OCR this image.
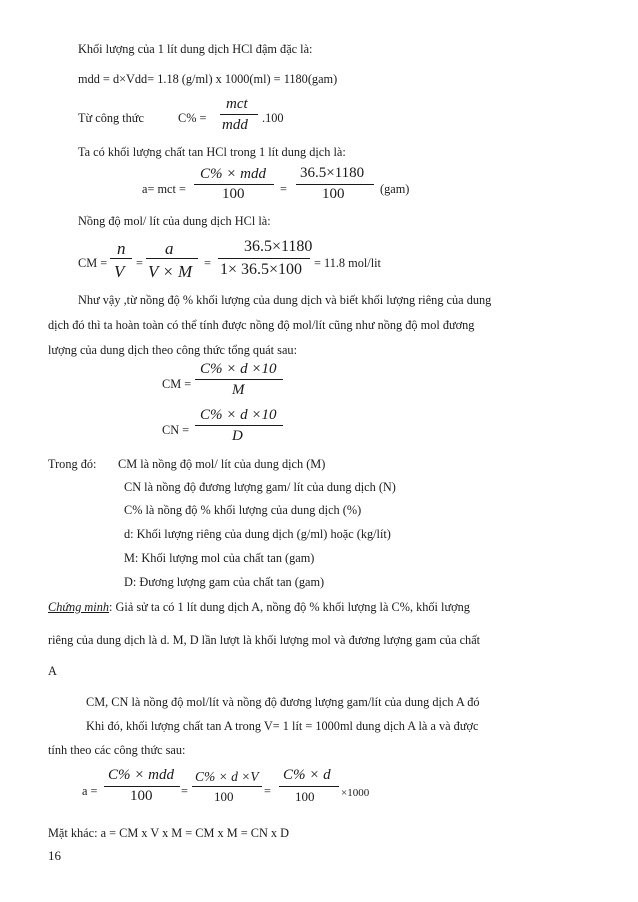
Khối lượng của 1 lít dung dịch HCl đậm đặc là:
mdd = d×Vdd= 1.18 (g/ml) x 1000(ml) = 1180(gam)
Từ công thức	C% =
mct
mdd .100
Ta có khối lượng chất tan HCl trong 1 lít dung dịch là:
a= mct =
C% × mdd
100	=
36.5×1180
100	(gam)
Nồng độ mol/ lít của dung dịch HCl là:
CM =
n
V =
a
V × M =
36.5×1180
1× 36.5×100 = 11.8 mol/lit
Như vậy ,từ nồng độ % khối lượng của dung dịch và biết khối lượng riêng của dung
dịch đó thì ta hoàn toàn có thể tính được nồng độ mol/lít cũng như nồng độ mol đương
lượng của dung dịch theo công thức tổng quát sau:
CM =
C% × d ×10
M
CN =
C% × d ×10
D
Trong đó: CM là nồng độ mol/ lít của dung dịch (M)
CN là nồng độ đương lượng gam/ lít của dung dịch (N)
C% là nồng độ % khối lượng của dung dịch (%)
d: Khối lượng riêng của dung dịch (g/ml) hoặc (kg/lít)
M: Khối lượng mol của chất tan (gam)
D: Đương lượng gam của chất tan (gam)
Chứng minh: Giả sử ta có 1 lít dung dịch A, nồng độ % khối lượng là C%, khối lượng
riêng của dung dịch là d. M, D lần lượt là khối lượng mol và đương lượng gam của chất
A
CM, CN là nồng độ mol/lít và nồng độ đương lượng gam/lít của dung dịch A đó
Khi đó, khối lượng chất tan A trong V= 1 lít = 1000ml dung dịch A là a và được
tính theo các công thức sau:
a =
C% × mdd
100 =
C% × d ×V
100 =
C% × d
100 ×1000
Mặt khác: a = CM x V x M = CM x M = CN x D
16
